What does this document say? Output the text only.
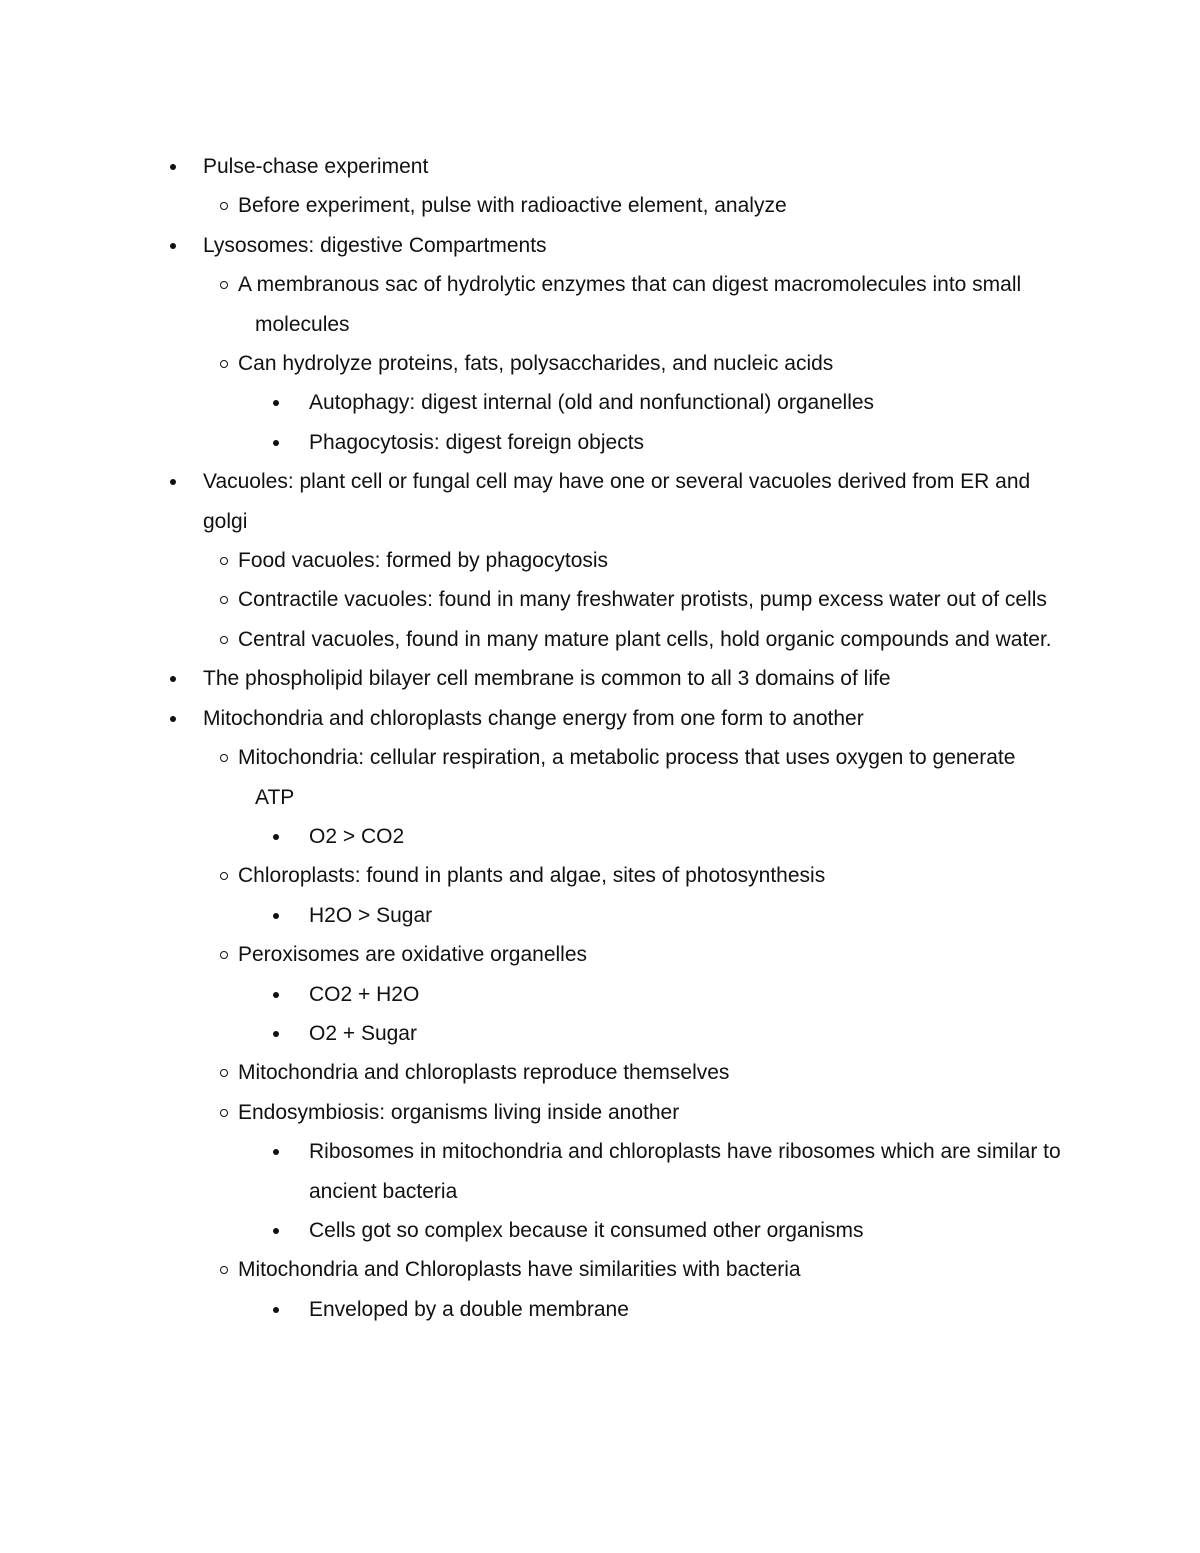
Pulse-chase experiment
Before experiment, pulse with radioactive element, analyze
Lysosomes: digestive Compartments
A membranous sac of hydrolytic enzymes that can digest macromolecules into small molecules
Can hydrolyze proteins, fats, polysaccharides, and nucleic acids
Autophagy: digest internal (old and nonfunctional) organelles
Phagocytosis: digest foreign objects
Vacuoles: plant cell or fungal cell may have one or several vacuoles derived from ER and golgi
Food vacuoles: formed by phagocytosis
Contractile vacuoles: found in many freshwater protists, pump excess water out of cells
Central vacuoles, found in many mature plant cells, hold organic compounds and water.
The phospholipid bilayer cell membrane is common to all 3 domains of life
Mitochondria and chloroplasts change energy from one form to another
Mitochondria: cellular respiration, a metabolic process that uses oxygen to generate ATP
O2 > CO2
Chloroplasts: found in plants and algae, sites of photosynthesis
H2O > Sugar
Peroxisomes are oxidative organelles
CO2 + H2O
O2 + Sugar
Mitochondria and chloroplasts reproduce themselves
Endosymbiosis: organisms living inside another
Ribosomes in mitochondria and chloroplasts have ribosomes which are similar to ancient bacteria
Cells got so complex because it consumed other organisms
Mitochondria and Chloroplasts have similarities with bacteria
Enveloped by a double membrane
